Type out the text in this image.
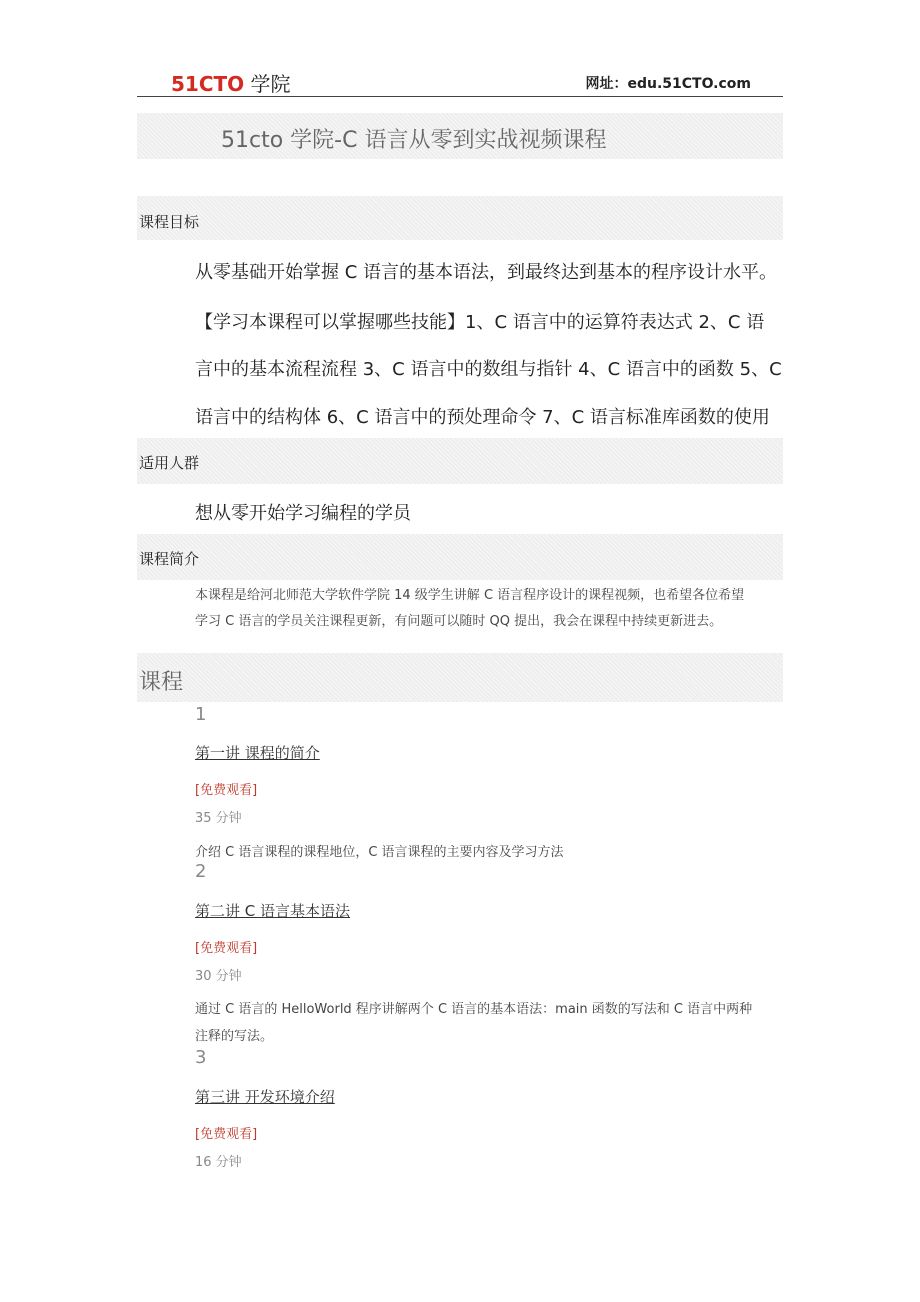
51CTO 学院	网址：edu.51CTO.com
51cto 学院-C 语言从零到实战视频课程
课程目标
从零基础开始掌握 C 语言的基本语法，到最终达到基本的程序设计水平。
【学习本课程可以掌握哪些技能】1、C 语言中的运算符表达式 2、C 语
言中的基本流程流程 3、C 语言中的数组与指针 4、C 语言中的函数 5、C
语言中的结构体 6、C 语言中的预处理命令 7、C 语言标准库函数的使用
适用人群
想从零开始学习编程的学员
课程简介
本课程是给河北师范大学软件学院 14 级学生讲解 C 语言程序设计的课程视频，也希望各位希望
学习 C 语言的学员关注课程更新，有问题可以随时 QQ 提出，我会在课程中持续更新进去。
课程
1
第一讲 课程的简介
[免费观看]
35 分钟
介绍 C 语言课程的课程地位，C 语言课程的主要内容及学习方法
2
第二讲 C 语言基本语法
[免费观看]
30 分钟
通过 C 语言的 HelloWorld 程序讲解两个 C 语言的基本语法：main 函数的写法和 C 语言中两种
注释的写法。
3
第三讲 开发环境介绍
[免费观看]
16 分钟
